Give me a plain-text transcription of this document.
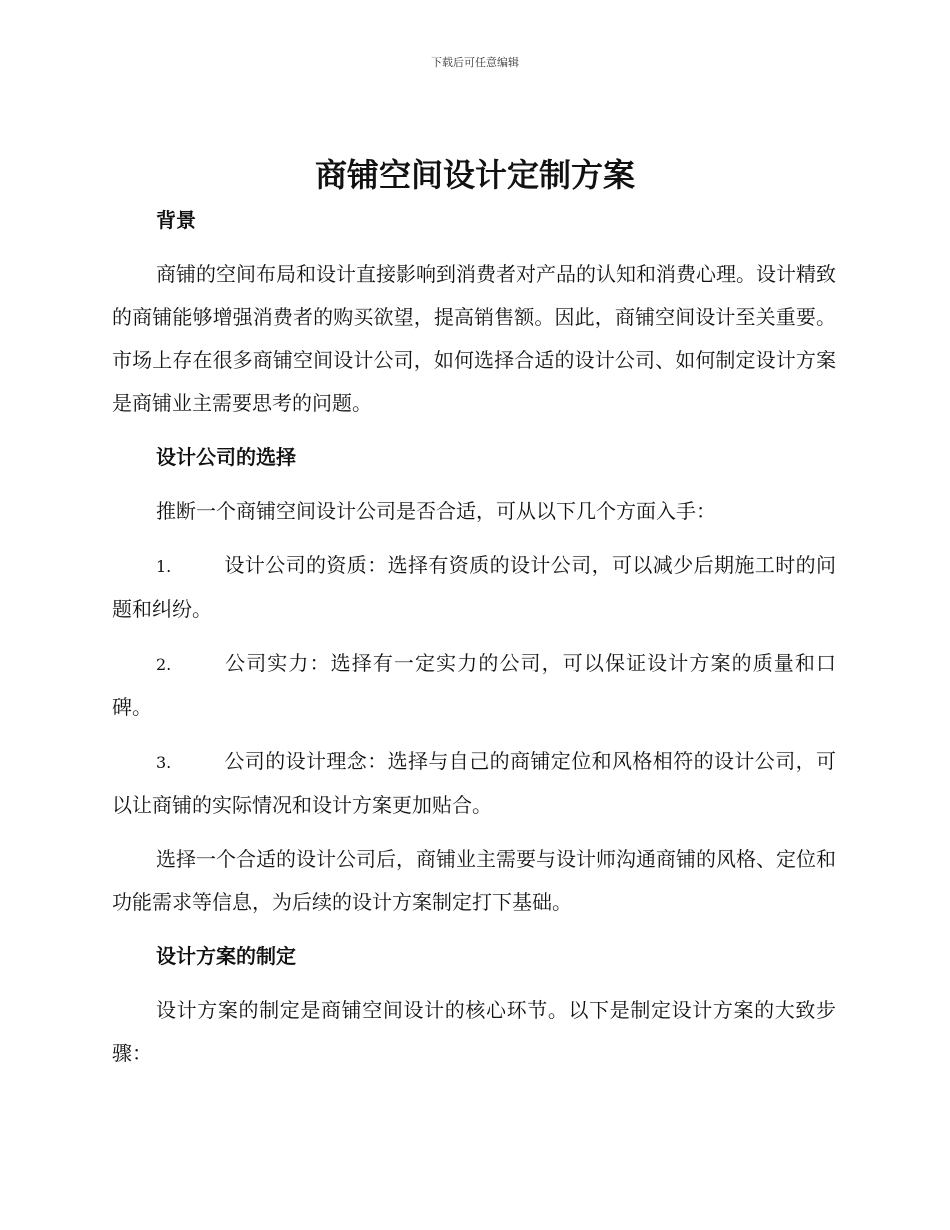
下载后可任意编辑
商铺空间设计定制方案
背景

商铺的空间布局和设计直接影响到消费者对产品的认知和消费心理。设计精致的商铺能够增强消费者的购买欲望，提高销售额。因此，商铺空间设计至关重要。市场上存在很多商铺空间设计公司，如何选择合适的设计公司、如何制定设计方案是商铺业主需要思考的问题。

设计公司的选择

推断一个商铺空间设计公司是否合适，可从以下几个方面入手：

1.	设计公司的资质：选择有资质的设计公司，可以减少后期施工时的问题和纠纷。

2.	公司实力：选择有一定实力的公司，可以保证设计方案的质量和口碑。

3.	公司的设计理念：选择与自己的商铺定位和风格相符的设计公司，可以让商铺的实际情况和设计方案更加贴合。

选择一个合适的设计公司后，商铺业主需要与设计师沟通商铺的风格、定位和功能需求等信息，为后续的设计方案制定打下基础。

设计方案的制定

设计方案的制定是商铺空间设计的核心环节。以下是制定设计方案的大致步骤：
